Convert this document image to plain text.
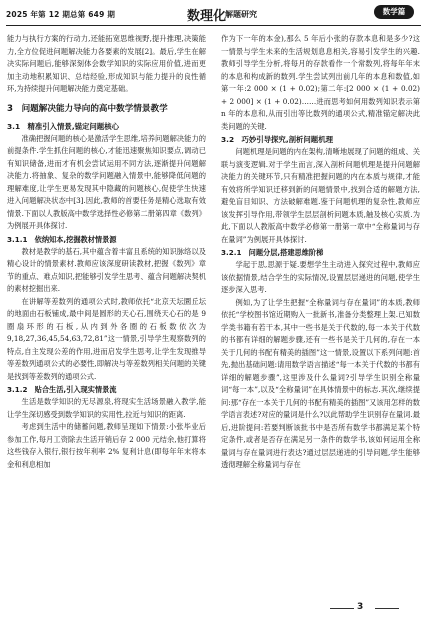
2025 年第 12 期总第 649 期	数理化
解题研究	数学篇

能力与执行方案的行动力,还能拓宽思维视野,提升推理,决策能力,全方位促进问题解决能力各要素的发展[2]。最后,学生在解决实际问题后,能够深刻体会数学知识的实际应用价值,进而更加主动地积累知识、总结经验,形成知识与能力提升的良性循环,为持续提升问题解决能力奠定基础。

3　问题解决能力导向的高中数学情景教学
3.1　精准引入情景,锚定问题核心

准确把握问题的核心是激活学生思维,培养问题解决能力的前提条件.学生抓住问题的核心,才能迅速聚焦知识要点,调动已有知识储备,进而才有机会尝试运用不同方法,逐渐提升问题解决能力.将抽象、复杂的数学问题融入情景中,能够降低问题的理解难度,让学生更易发现其中隐藏的问题核心,促使学生快速进入问题解决状态中[3].因此,教师的首要任务是精心选取有效情景.下面以人教版高中数学选择性必修第二册第四章《数列》为例展开具体探讨.

3.1.1　依纳知本,挖掘教材情景源

教材是教学的基石,其中蕴含着丰富且系统的知识脉络以及精心设计的情景素材.教师应该深度研读教材,把握《数列》章节的重点、难点知识,把能够引发学生思考、蕴含问题解决契机的素材挖掘出来.

在讲解等差数列的通项公式时,教师依托“北京天坛圜丘坛的地面由石板铺成,最中间是圆形的天心石,围绕天心石的是 9 圈扇环形的石板,从内到外各圈的石板数依次为 9,18,27,36,45,54,63,72,81”这一情景,引导学生观察数列的特点,自主发现公差的作用,进而启发学生思考,让学生发现推导等差数列通项公式的必要性,即解决与等差数列相关问题的关键是找到等差数列的通项公式.

3.1.2　贴合生活,引入现实情景流

生活是数学知识的无尽源泉,将现实生活场景融入教学,能让学生深切感受到数学知识的实用性,拉近与知识的距离.

考虑到生活中的储蓄问题,教师呈现如下情景:小张毕业后参加工作,每月工资除去生活开销后存 2 000 元结余,他打算将这些钱存入银行,银行按年利率 2% 复利计息(即每年年末将本金和利息相加

作为下一年的本金),那么 5 年后小张的存款本息和是多少?这一情景与学生未来的生活规划息息相关,容易引发学生的兴趣.教师引导学生分析,将每月的存款看作一个常数列,将每年年末的本息和构成新的数列.学生尝试列出前几年的本息和数值,如第一年:2 000 × (1 + 0.02);第二年:[2 000 × (1 + 0.02) + 2 000] × (1 + 0.02)……进而思考如何用数列知识表示第 n 年的本息和,从而引出等比数列的通项公式,精准锚定解决此类问题的关键.

3.2　巧妙引导探究,剖析问题机理

问题机理是问题的内在架构,清晰地展现了问题的组成、关联与演变逻辑.对于学生而言,深入剖析问题机理是提升问题解决能力的关键环节,只有精准把握问题的内在本质与规律,才能有效将所学知识迁移到新的问题情景中,找到合适的解题方法,避免盲目知识、方法破解难题.鉴于问题机理的复杂性,教师应该发挥引导作用,带领学生层层剖析问题本质,触及核心实质.为此,下面以人教版高中数学必修第一册第一章中“全称量词与存在量词”为例展开具体探讨.

3.2.1　问题分层,搭建思维阶梯

学起于思,思源于疑.要想学生主动进入探究过程中,教师应该依据情景,结合学生的实际情况,设置层层递进的问题,使学生逐步深入思考.

例如,为了让学生把握“全称量词与存在量词”的本质,教师依托“学校图书馆近期购入一批新书,准备分类整理上架.已知数学类书籍有若干本,其中一些书是关于代数的,每一本关于代数的书都有详细的解题步骤,还有一些书是关于几何的,存在一本关于几何的书配有精美的插图”这一情景,设置以下系列问题:首先,抛出基础问题:请用数学语言描述“每一本关于代数的书都有详细的解题步骤”,这里涉及什么量词?引导学生识别全称量词“每一本”,以及“全称量词”在具体情景中的标志.其次,继续提问:那“存在一本关于几何的书配有精美的插图”又该用怎样的数学语言表述?对应的量词是什么?以此帮助学生识别存在量词.最后,进阶提问:若要判断该批书中是否所有数学书都满足某个特定条件,或者是否存在满足另一条件的数学书,该如何运用全称量词与存在量词进行表达?通过层层递进的引导问题,学生能够透彻理解全称量词与存在

3
